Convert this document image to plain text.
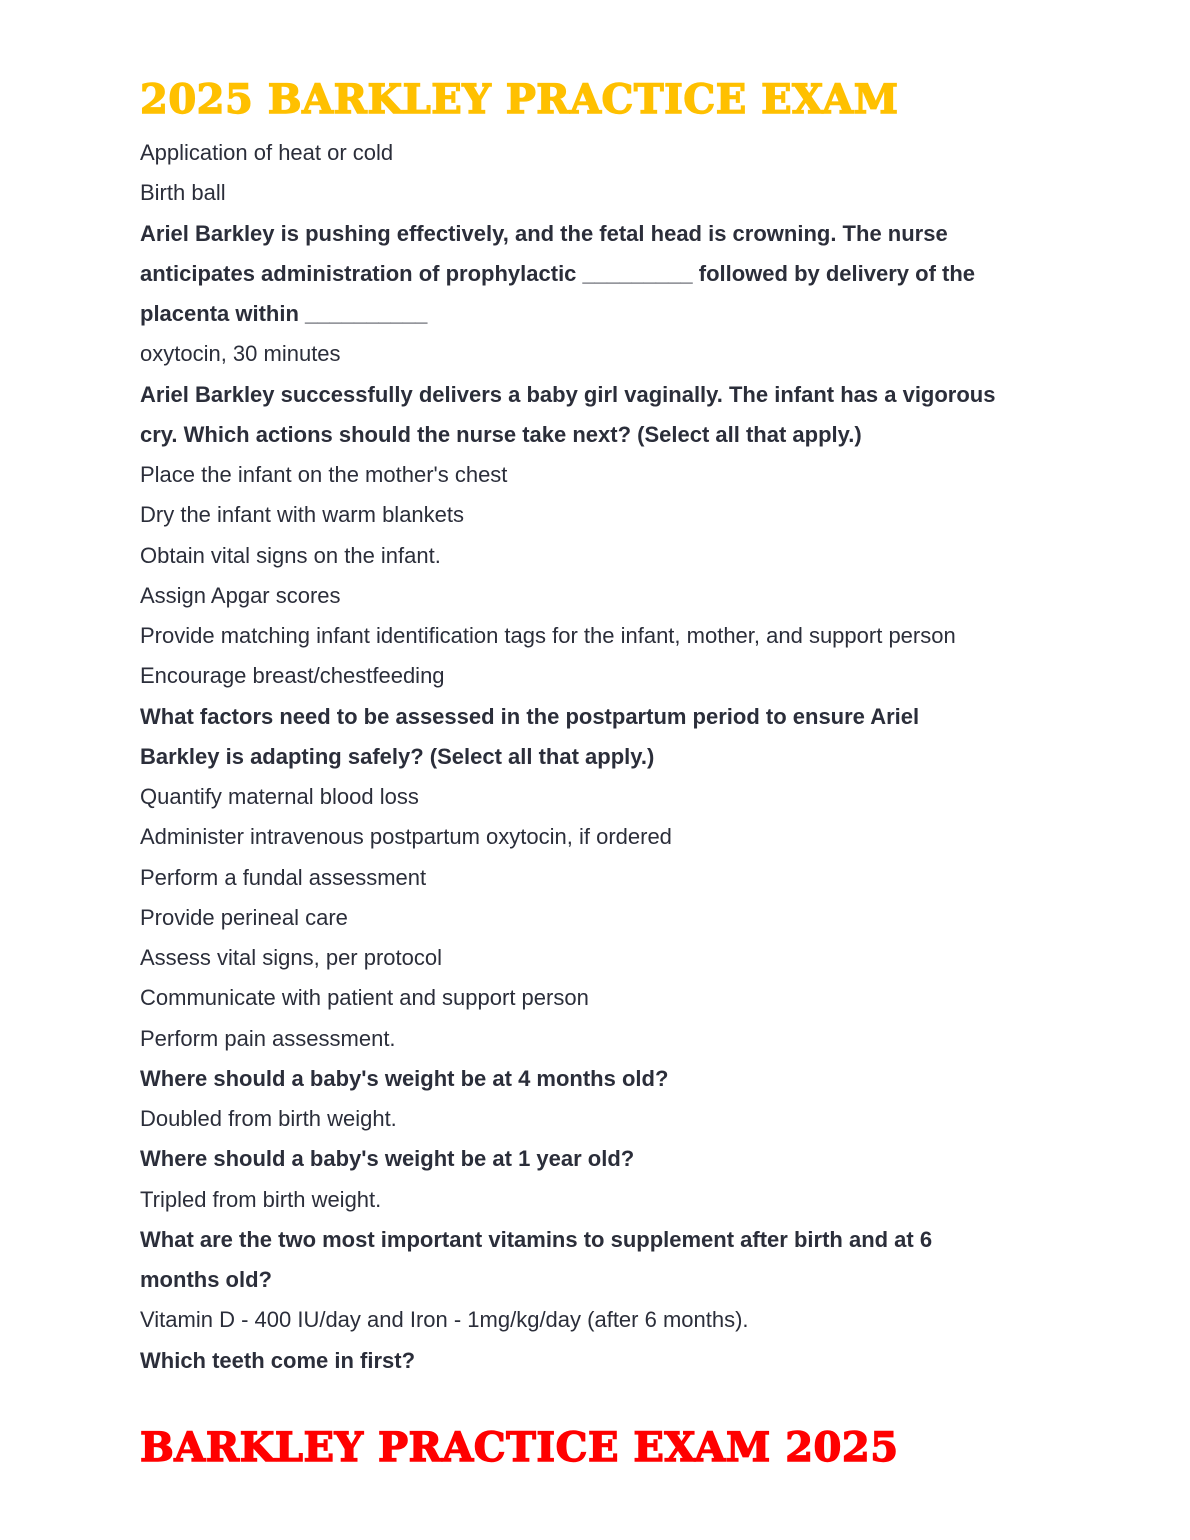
2025 BARKLEY PRACTICE EXAM
Application of heat or cold
Birth ball
Ariel Barkley is pushing effectively, and the fetal head is crowning. The nurse
anticipates administration of prophylactic _________ followed by delivery of the
placenta within __________
oxytocin, 30 minutes
Ariel Barkley successfully delivers a baby girl vaginally. The infant has a vigorous
cry. Which actions should the nurse take next? (Select all that apply.)
Place the infant on the mother's chest
Dry the infant with warm blankets
Obtain vital signs on the infant.
Assign Apgar scores
Provide matching infant identification tags for the infant, mother, and support person
Encourage breast/chestfeeding
What factors need to be assessed in the postpartum period to ensure Ariel
Barkley is adapting safely? (Select all that apply.)
Quantify maternal blood loss
Administer intravenous postpartum oxytocin, if ordered
Perform a fundal assessment
Provide perineal care
Assess vital signs, per protocol
Communicate with patient and support person
Perform pain assessment.
Where should a baby's weight be at 4 months old?
Doubled from birth weight.
Where should a baby's weight be at 1 year old?
Tripled from birth weight.
What are the two most important vitamins to supplement after birth and at 6
months old?
Vitamin D - 400 IU/day and Iron - 1mg/kg/day (after 6 months).
Which teeth come in first?
BARKLEY PRACTICE EXAM 2025
